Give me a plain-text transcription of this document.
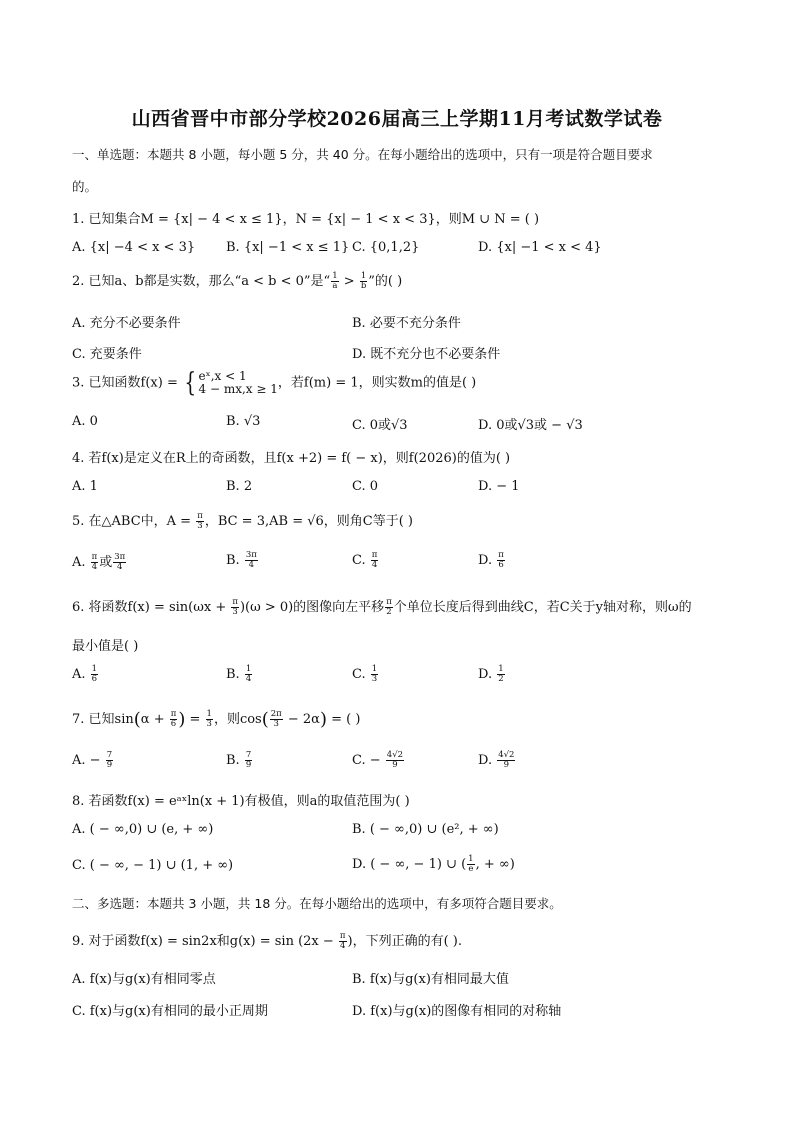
山西省晋中市部分学校2026届高三上学期11月考试数学试卷
一、单选题：本题共 8 小题，每小题 5 分，共 40 分。在每小题给出的选项中，只有一项是符合题目要求
的。
1. 已知集合M = {x| − 4 < x ≤ 1}，N = {x| − 1 < x < 3}，则M ∪ N = ( )
A. {x| −4 < x < 3} B. {x| −1 < x ≤ 1} C. {0,1,2}	D. {x| −1 < x < 4}
2. 已知a、b都是实数，那么“a < b < 0”是“ $\frac{1}{a} > \frac{1}{b}$ ”的( )
A. 充分不必要条件	B. 必要不充分条件
C. 充要条件	D. 既不充分也不必要条件
3. 已知函数f(x) = { eˣ,x < 1
4 − mx,x ≥ 1 ，若f(m) = 1，则实数m的值是( )
A. 0	B. √3	C. 0或√3	D. 0或√3或 − √3
4. 若f(x)是定义在R上的奇函数，且f(x +2) = f( − x)，则f(2026)的值为( )
A. 1	B. 2	C. 0	D. − 1
5. 在△ABC中，$A = \frac{\pi}{3}$ ，BC = 3,AB = √6，则角C等于( )
A. $\frac{\pi}{4}$ 或 $\frac{3\pi}{4}$	B. $\frac{3\pi}{4}$	C. $\frac{\pi}{4}$	D. $\frac{\pi}{6}$
6. 将函数$f(x) = \sin(\omega x + \frac{\pi}{3} )(\omega > 0)$的图像向左平移 $\frac{\pi}{2}$ 个单位长度后得到曲线C，若C关于y轴对称，则ω的
最小值是( )
A. $\frac{1}{6}$	B. $\frac{1}{4}$	C. $\frac{1}{3}$	D. $\frac{1}{2}$
7. 已知$\sin(\alpha + \frac{\pi}{6}$ ) = $\frac{1}{3}$ ，则$\cos( \frac{2\pi}{3} - 2\alpha)$ = ( )
A. − $\frac{7}{9}$	B. $\frac{7}{9}$	C. − $\frac{4√2}{9}$	D. $\frac{4√2}{9}$
8. 若函数f(x) = eᵃˣln(x + 1)有极值，则a的取值范围为( )
A. ( − ∞,0) ∪ (e, + ∞)	B. ( − ∞,0) ∪ (e², + ∞)
C. ( − ∞, − 1) ∪ (1, + ∞)	D. ( − ∞, − 1) ∪ ( $\frac{1}{e}$ , + ∞)
二、多选题：本题共 3 小题，共 18 分。在每小题给出的选项中，有多项符合题目要求。
9. 对于函数f(x) = sin2x和$g(x) = \sin (2x - \frac{\pi}{4}$ )，下列正确的有( ).
A. f(x)与g(x)有相同零点	B. f(x)与g(x)有相同最大值
C. f(x)与g(x)有相同的最小正周期	D. f(x)与g(x)的图像有相同的对称轴
